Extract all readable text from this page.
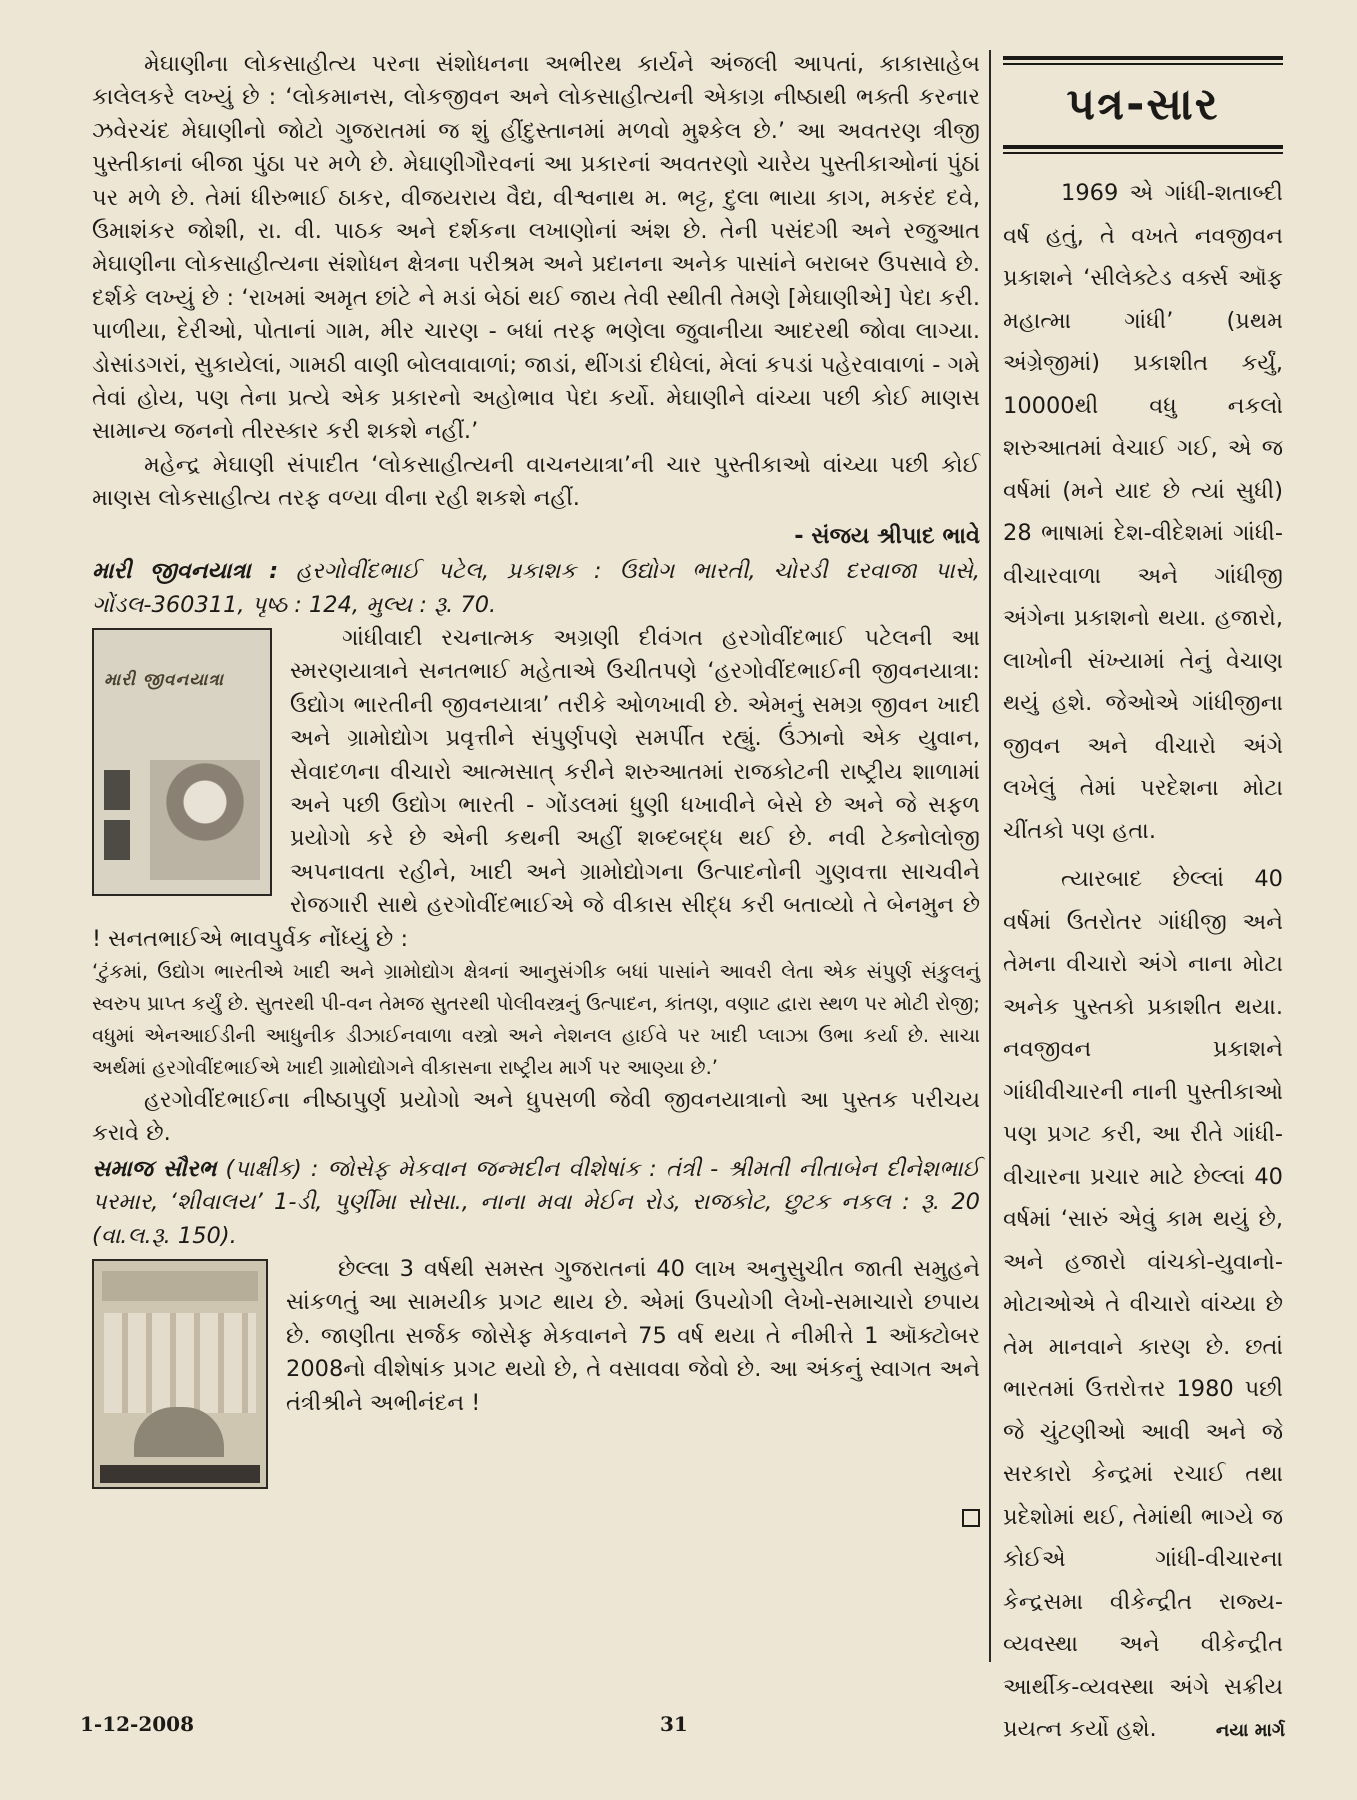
મેઘાણીના લોકસાહીત્ય પરના સંશોધનના અભીરથ કાર્યને અંજલી આપતાં, કાકાસાહેબ કાલેલકરે લખ્યું છે : ‘લોકમાનસ, લોકજીવન અને લોકસાહીત્યની એકાગ્ર નીષ્ઠાથી ભક્તી કરનાર ઝવેરચંદ મેઘાણીનો જોટો ગુજરાતમાં જ શું હીંદુસ્તાનમાં મળવો મુશ્કેલ છે.’ આ અવતરણ ત્રીજી પુસ્તીકાનાં બીજા પુંઠા પર મળે છે. મેઘાણીગૌરવનાં આ પ્રકારનાં અવતરણો ચારેય પુસ્તીકાઓનાં પુંઠાં પર મળે છે. તેમાં ધીરુભાઈ ઠાકર, વીજયરાય વૈદ્ય, વીશ્વનાથ મ. ભટ્ટ, દુલા ભાયા કાગ, મકરંદ દવે, ઉમાશંકર જોશી, રા. વી. પાઠક અને દર્શકના લખાણોનાં અંશ છે. તેની પસંદગી અને રજુઆત મેઘાણીના લોકસાહીત્યના સંશોધન ક્ષેત્રના પરીશ્રમ અને પ્રદાનના અનેક પાસાંને બરાબર ઉપસાવે છે. દર્શકે લખ્યું છે : ‘રાખમાં અમૃત છાંટે ને મડાં બેઠાં થઈ જાય તેવી સ્થીતી તેમણે [મેઘાણીએ] પેદા કરી. પાળીયા, દેરીઓ, પોતાનાં ગામ, મીર ચારણ - બધાં તરફ ભણેલા જુવાનીયા આદરથી જોવા લાગ્યા. ડોસાંડગરાં, સુકાયેલાં, ગામઠી વાણી બોલવાવાળાં; જાડાં, થીંગડાં દીધેલાં, મેલાં કપડાં પહેરવાવાળાં - ગમે તેવાં હોય, પણ તેના પ્રત્યે એક પ્રકારનો અહોભાવ પેદા કર્યો. મેઘાણીને વાંચ્યા પછી કોઈ માણસ સામાન્ય જનનો તીરસ્કાર કરી શકશે નહીં.’

મહેન્દ્ર મેઘાણી સંપાદીત ‘લોકસાહીત્યની વાચનયાત્રા’ની ચાર પુસ્તીકાઓ વાંચ્યા પછી કોઈ માણસ લોકસાહીત્ય તરફ વળ્યા વીના રહી શકશે નહીં.

- સંજય શ્રીપાદ ભાવે

મારી જીવનયાત્રા : હરગોવીંદભાઈ પટેલ, પ્રકાશક : ઉદ્યોગ ભારતી, ચોરડી દરવાજા પાસે, ગોંડલ-360311, પૃષ્ઠ : 124, મુલ્ય : રૂ. 70.

મારી જીવનયાત્રા

ગાંધીવાદી રચનાત્મક અગ્રણી દીવંગત હરગોવીંદભાઈ પટેલની આ સ્મરણયાત્રાને સનતભાઈ મહેતાએ ઉચીતપણે ‘હરગોવીંદભાઈની જીવનયાત્રા: ઉદ્યોગ ભારતીની જીવનયાત્રા’ તરીકે ઓળખાવી છે. એમનું સમગ્ર જીવન ખાદી અને ગ્રામોદ્યોગ પ્રવૃત્તીને સંપુર્ણપણે સમર્પીત રહ્યું. ઉંઝાનો એક યુવાન, સેવાદળના વીચારો આત્મસાત્ કરીને શરુઆતમાં રાજકોટની રાષ્ટ્રીય શાળામાં અને પછી ઉદ્યોગ ભારતી - ગોંડલમાં ધુણી ધખાવીને બેસે છે અને જે સફળ પ્રયોગો કરે છે એની કથની અહીં શબ્દબદ્ધ થઈ છે. નવી ટેક્નોલોજી અપનાવતા રહીને, ખાદી અને ગ્રામોદ્યોગના ઉત્પાદનોની ગુણવત્તા સાચવીને રોજગારી સાથે હરગોવીંદભાઈએ જે વીકાસ સીદ્ધ કરી બતાવ્યો તે બેનમુન છે ! સનતભાઈએ ભાવપુર્વક નોંધ્યું છે :

‘ટુંકમાં, ઉદ્યોગ ભારતીએ ખાદી અને ગ્રામોદ્યોગ ક્ષેત્રનાં આનુસંગીક બધાં પાસાંને આવરી લેતા એક સંપુર્ણ સંકુલનું સ્વરુપ પ્રાપ્ત કર્યું છે. સુતરથી પી-વન તેમજ સુતરથી પોલીવસ્ત્રનું ઉત્પાદન, કાંતણ, વણાટ દ્વારા સ્થળ પર મોટી રોજી; વધુમાં એનઆઈડીની આધુનીક ડીઝાઈનવાળા વસ્ત્રો અને નેશનલ હાઈવે પર ખાદી પ્લાઝા ઉભા કર્યા છે. સાચા અર્થમાં હરગોવીંદભાઈએ ખાદી ગ્રામોદ્યોગને વીકાસના રાષ્ટ્રીય માર્ગ પર આણ્યા છે.’

હરગોવીંદભાઈના નીષ્ઠાપુર્ણ પ્રયોગો અને ધુપસળી જેવી જીવનયાત્રાનો આ પુસ્તક પરીચય કરાવે છે.

સમાજ સૌરભ (પાક્ષીક) : જોસેફ મેકવાન જન્મદીન વીશેષાંક : તંત્રી - શ્રીમતી નીતાબેન દીનેશભાઈ પરમાર, ‘શીવાલય’ 1-ડી, પુર્ણીમા સોસા., નાના મવા મેઈન રોડ, રાજકોટ, છુટક નકલ : રૂ. 20 (વા.લ.રૂ. 150).

છેલ્લા 3 વર્ષથી સમસ્ત ગુજરાતનાં 40 લાખ અનુસુચીત જાતી સમુહને સાંકળતું આ સામયીક પ્રગટ થાય છે. એમાં ઉપયોગી લેખો-સમાચારો છપાય છે. જાણીતા સર્જક જોસેફ મેકવાનને 75 વર્ષ થયા તે નીમીત્તે 1 ઑક્ટોબર 2008નો વીશેષાંક પ્રગટ થયો છે, તે વસાવવા જેવો છે. આ અંકનું સ્વાગત અને તંત્રીશ્રીને અભીનંદન !

પત્ર-સાર

1969 એ ગાંધી-શતાબ્દી વર્ષ હતું, તે વખતે નવજીવન પ્રકાશને ‘સીલેક્ટેડ વર્ક્સ ઑફ મહાત્મા ગાંધી’ (પ્રથમ અંગ્રેજીમાં) પ્રકાશીત કર્યું, 10000થી વધુ નકલો શરુઆતમાં વેચાઈ ગઈ, એ જ વર્ષમાં (મને યાદ છે ત્યાં સુધી) 28 ભાષામાં દેશ-વીદેશમાં ગાંધી-વીચારવાળા અને ગાંધીજી અંગેના પ્રકાશનો થયા. હજારો, લાખોની સંખ્યામાં તેનું વેચાણ થયું હશે. જેઓએ ગાંધીજીના જીવન અને વીચારો અંગે લખેલું તેમાં પરદેશના મોટા ચીંતકો પણ હતા.

ત્યારબાદ છેલ્લાં 40 વર્ષમાં ઉતરોતર ગાંધીજી અને તેમના વીચારો અંગે નાના મોટા અનેક પુસ્તકો પ્રકાશીત થયા. નવજીવન પ્રકાશને ગાંધીવીચારની નાની પુસ્તીકાઓ પણ પ્રગટ કરી, આ રીતે ગાંધી-વીચારના પ્રચાર માટે છેલ્લાં 40 વર્ષમાં ‘સારું એવું કામ થયું છે, અને હજારો વાંચકો-યુવાનો-મોટાઓએ તે વીચારો વાંચ્યા છે તેમ માનવાને કારણ છે. છતાં ભારતમાં ઉત્તરોત્તર 1980 પછી જે ચુંટણીઓ આવી અને જે સરકારો કેન્દ્રમાં રચાઈ તથા પ્રદેશોમાં થઈ, તેમાંથી ભાગ્યે જ કોઈએ ગાંધી-વીચારના કેન્દ્રસમા વીકેન્દ્રીત રાજ્ય-વ્યવસ્થા અને વીકેન્દ્રીત આર્થીક-વ્યવસ્થા અંગે સક્રીય પ્રયત્ન કર્યો હશે.

1-12-2008	31	નયા માર્ગ
